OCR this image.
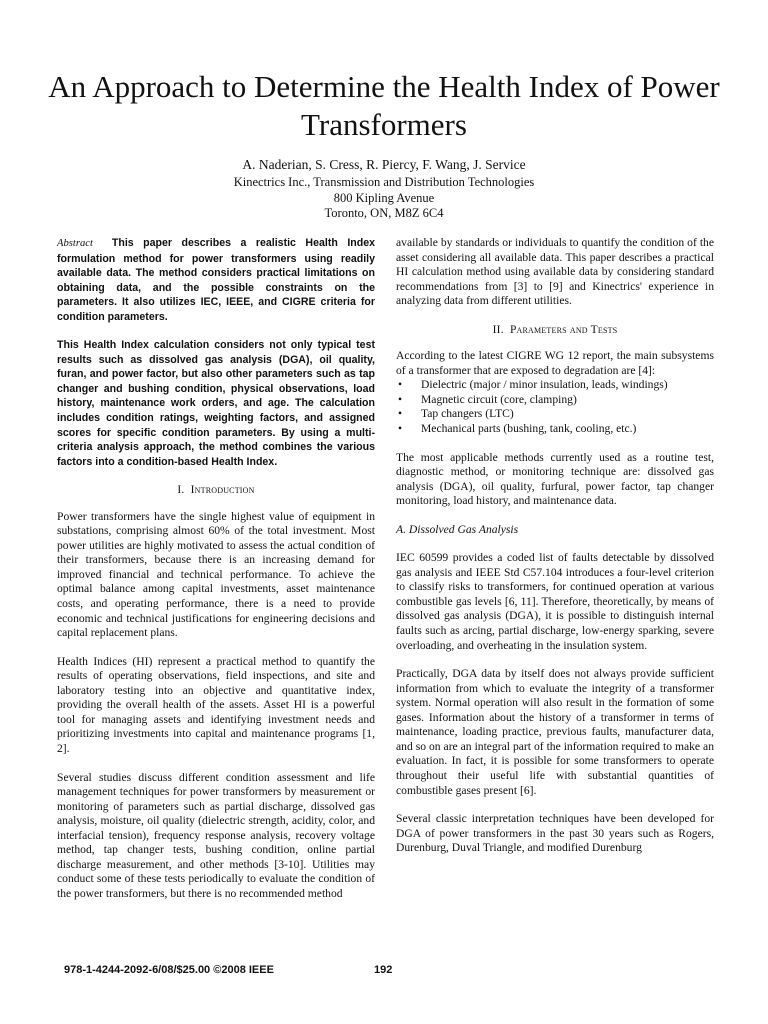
An Approach to Determine the Health Index of Power Transformers
A. Naderian, S. Cress, R. Piercy, F. Wang, J. Service
Kinectrics Inc., Transmission and Distribution Technologies
800 Kipling Avenue
Toronto, ON, M8Z 6C4

Abstract This paper describes a realistic Health Index formulation method for power transformers using readily available data. The method considers practical limitations on obtaining data, and the possible constraints on the parameters. It also utilizes IEC, IEEE, and CIGRE criteria for condition parameters.

This Health Index calculation considers not only typical test results such as dissolved gas analysis (DGA), oil quality, furan, and power factor, but also other parameters such as tap changer and bushing condition, physical observations, load history, maintenance work orders, and age. The calculation includes condition ratings, weighting factors, and assigned scores for specific condition parameters. By using a multi-criteria analysis approach, the method combines the various factors into a condition-based Health Index.

I. Introduction

Power transformers have the single highest value of equipment in substations, comprising almost 60% of the total investment. Most power utilities are highly motivated to assess the actual condition of their transformers, because there is an increasing demand for improved financial and technical performance. To achieve the optimal balance among capital investments, asset maintenance costs, and operating performance, there is a need to provide economic and technical justifications for engineering decisions and capital replacement plans.

Health Indices (HI) represent a practical method to quantify the results of operating observations, field inspections, and site and laboratory testing into an objective and quantitative index, providing the overall health of the assets. Asset HI is a powerful tool for managing assets and identifying investment needs and prioritizing investments into capital and maintenance programs [1, 2].

Several studies discuss different condition assessment and life management techniques for power transformers by measurement or monitoring of parameters such as partial discharge, dissolved gas analysis, moisture, oil quality (dielectric strength, acidity, color, and interfacial tension), frequency response analysis, recovery voltage method, tap changer tests, bushing condition, online partial discharge measurement, and other methods [3-10]. Utilities may conduct some of these tests periodically to evaluate the condition of the power transformers, but there is no recommended method

available by standards or individuals to quantify the condition of the asset considering all available data. This paper describes a practical HI calculation method using available data by considering standard recommendations from [3] to [9] and Kinectrics' experience in analyzing data from different utilities.

II. Parameters and Tests

According to the latest CIGRE WG 12 report, the main subsystems of a transformer that are exposed to degradation are [4]:

• Dielectric (major / minor insulation, leads, windings)
• Magnetic circuit (core, clamping)
• Tap changers (LTC)
• Mechanical parts (bushing, tank, cooling, etc.)

The most applicable methods currently used as a routine test, diagnostic method, or monitoring technique are: dissolved gas analysis (DGA), oil quality, furfural, power factor, tap changer monitoring, load history, and maintenance data.

A. Dissolved Gas Analysis

IEC 60599 provides a coded list of faults detectable by dissolved gas analysis and IEEE Std C57.104 introduces a four-level criterion to classify risks to transformers, for continued operation at various combustible gas levels [6, 11]. Therefore, theoretically, by means of dissolved gas analysis (DGA), it is possible to distinguish internal faults such as arcing, partial discharge, low-energy sparking, severe overloading, and overheating in the insulation system.

Practically, DGA data by itself does not always provide sufficient information from which to evaluate the integrity of a transformer system. Normal operation will also result in the formation of some gases. Information about the history of a transformer in terms of maintenance, loading practice, previous faults, manufacturer data, and so on are an integral part of the information required to make an evaluation. In fact, it is possible for some transformers to operate throughout their useful life with substantial quantities of combustible gases present [6].

Several classic interpretation techniques have been developed for DGA of power transformers in the past 30 years such as Rogers, Durenburg, Duval Triangle, and modified Durenburg

978-1-4244-2092-6/08/$25.00 ©2008 IEEE	192
